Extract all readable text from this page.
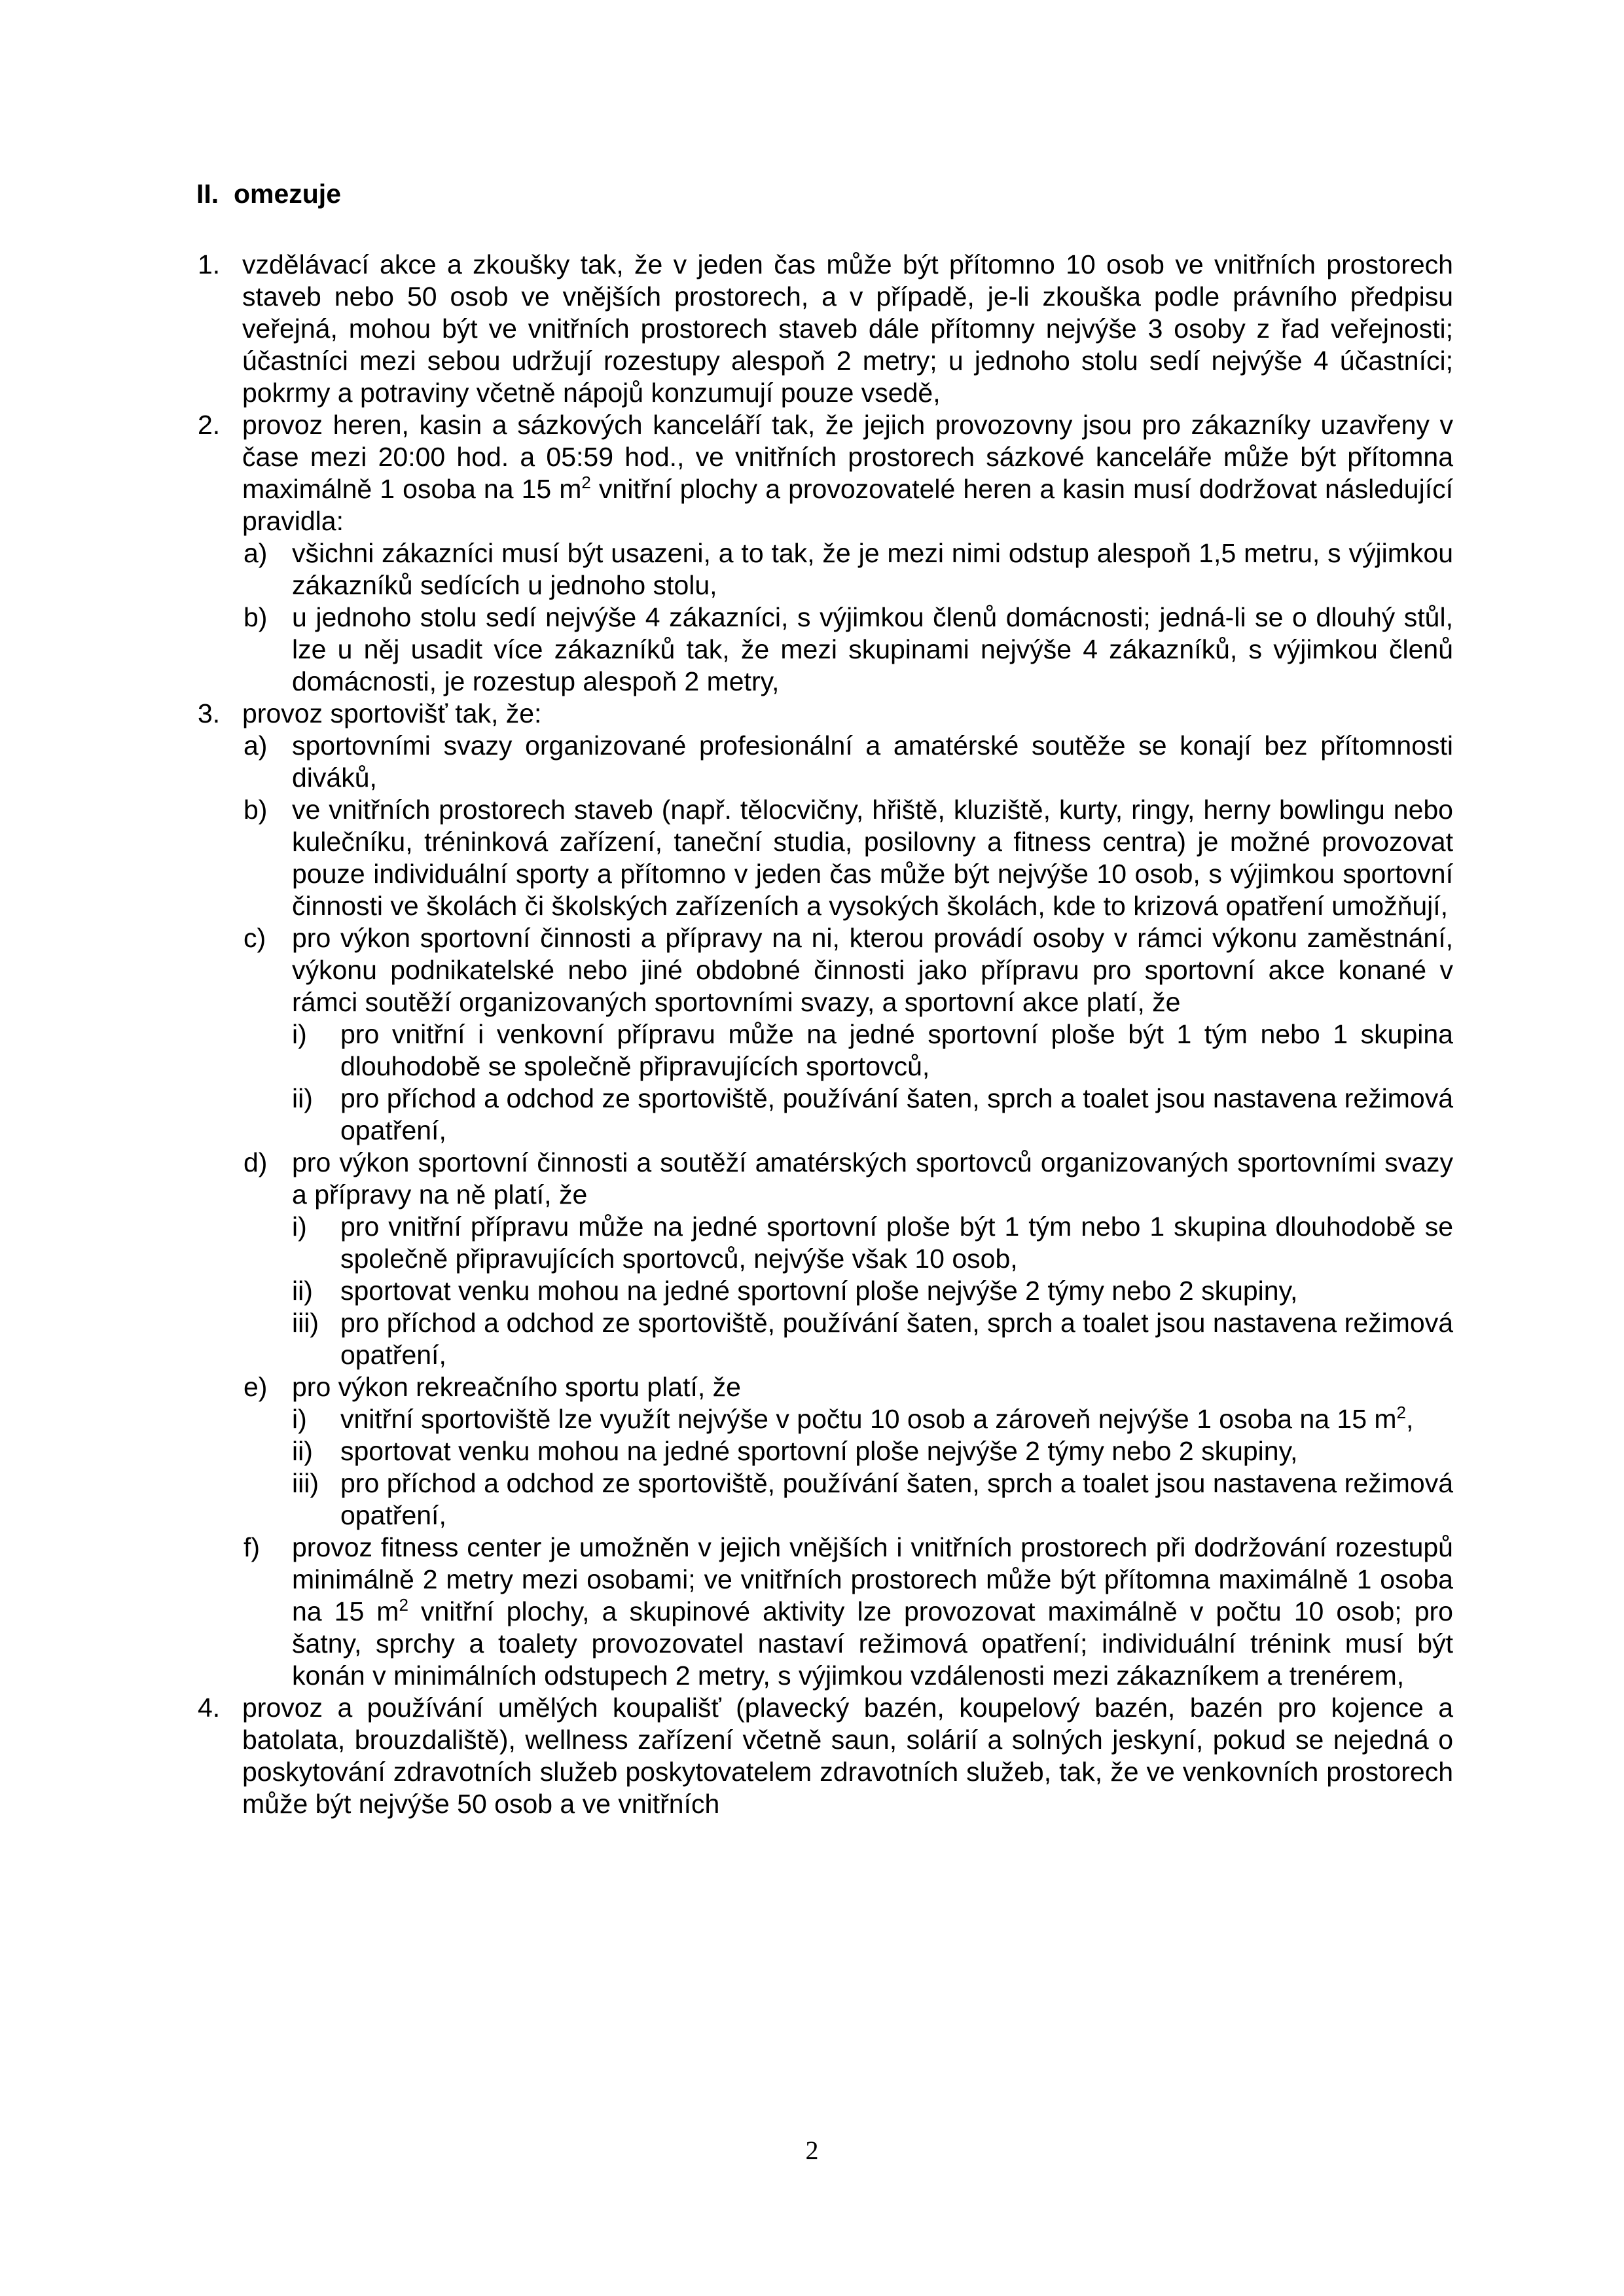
II.  omezuje
1. vzdělávací akce a zkoušky tak, že v jeden čas může být přítomno 10 osob ve vnitřních prostorech staveb nebo 50 osob ve vnějších prostorech, a v případě, je-li zkouška podle právního předpisu veřejná, mohou být ve vnitřních prostorech staveb dále přítomny nejvýše 3 osoby z řad veřejnosti; účastníci mezi sebou udržují rozestupy alespoň 2 metry; u jednoho stolu sedí nejvýše 4 účastníci; pokrmy a potraviny včetně nápojů konzumují pouze vsedě,
2. provoz heren, kasin a sázkových kanceláří tak, že jejich provozovny jsou pro zákazníky uzavřeny v čase mezi 20:00 hod. a 05:59 hod., ve vnitřních prostorech sázkové kanceláře může být přítomna maximálně 1 osoba na 15 $m^2$ vnitřní plochy a provozovatelé heren a kasin musí dodržovat následující pravidla:
a) všichni zákazníci musí být usazeni, a to tak, že je mezi nimi odstup alespoň 1,5 metru, s výjimkou zákazníků sedících u jednoho stolu,
b) u jednoho stolu sedí nejvýše 4 zákazníci, s výjimkou členů domácnosti; jedná-li se o dlouhý stůl, lze u něj usadit více zákazníků tak, že mezi skupinami nejvýše 4 zákazníků, s výjimkou členů domácnosti, je rozestup alespoň 2 metry,
3. provoz sportovišť tak, že:
a) sportovními svazy organizované profesionální a amatérské soutěže se konají bez přítomnosti diváků,
b) ve vnitřních prostorech staveb (např. tělocvičny, hřiště, kluziště, kurty, ringy, herny bowlingu nebo kulečníku, tréninková zařízení, taneční studia, posilovny a fitness centra) je možné provozovat pouze individuální sporty a přítomno v jeden čas může být nejvýše 10 osob, s výjimkou sportovní činnosti ve školách či školských zařízeních a vysokých školách, kde to krizová opatření umožňují,
c) pro výkon sportovní činnosti a přípravy na ni, kterou provádí osoby v rámci výkonu zaměstnání, výkonu podnikatelské nebo jiné obdobné činnosti jako přípravu pro sportovní akce konané v rámci soutěží organizovaných sportovními svazy, a sportovní akce platí, že
i) pro vnitřní i venkovní přípravu může na jedné sportovní ploše být 1 tým nebo 1 skupina dlouhodobě se společně připravujících sportovců,
ii) pro příchod a odchod ze sportoviště, používání šaten, sprch a toalet jsou nastavena režimová opatření,
d) pro výkon sportovní činnosti a soutěží amatérských sportovců organizovaných sportovními svazy a přípravy na ně platí, že
i) pro vnitřní přípravu může na jedné sportovní ploše být 1 tým nebo 1 skupina dlouhodobě se společně připravujících sportovců, nejvýše však 10 osob,
ii) sportovat venku mohou na jedné sportovní ploše nejvýše 2 týmy nebo 2 skupiny,
iii) pro příchod a odchod ze sportoviště, používání šaten, sprch a toalet jsou nastavena režimová opatření,
e) pro výkon rekreačního sportu platí, že
i) vnitřní sportoviště lze využít nejvýše v počtu 10 osob a zároveň nejvýše 1 osoba na 15 $m^2$,
ii) sportovat venku mohou na jedné sportovní ploše nejvýše 2 týmy nebo 2 skupiny,
iii) pro příchod a odchod ze sportoviště, používání šaten, sprch a toalet jsou nastavena režimová opatření,
f) provoz fitness center je umožněn v jejich vnějších i vnitřních prostorech při dodržování rozestupů minimálně 2 metry mezi osobami; ve vnitřních prostorech může být přítomna maximálně 1 osoba na 15 $m^2$ vnitřní plochy, a skupinové aktivity lze provozovat maximálně v počtu 10 osob; pro šatny, sprchy a toalety provozovatel nastaví režimová opatření; individuální trénink musí být konán v minimálních odstupech 2 metry, s výjimkou vzdálenosti mezi zákazníkem a trenérem,
4. provoz a používání umělých koupališť (plavecký bazén, koupelový bazén, bazén pro kojence a batolata, brouzdaliště), wellness zařízení včetně saun, solárií a solných jeskyní, pokud se nejedná o poskytování zdravotních služeb poskytovatelem zdravotních služeb, tak, že ve venkovních prostorech může být nejvýše 50 osob a ve vnitřních
2
